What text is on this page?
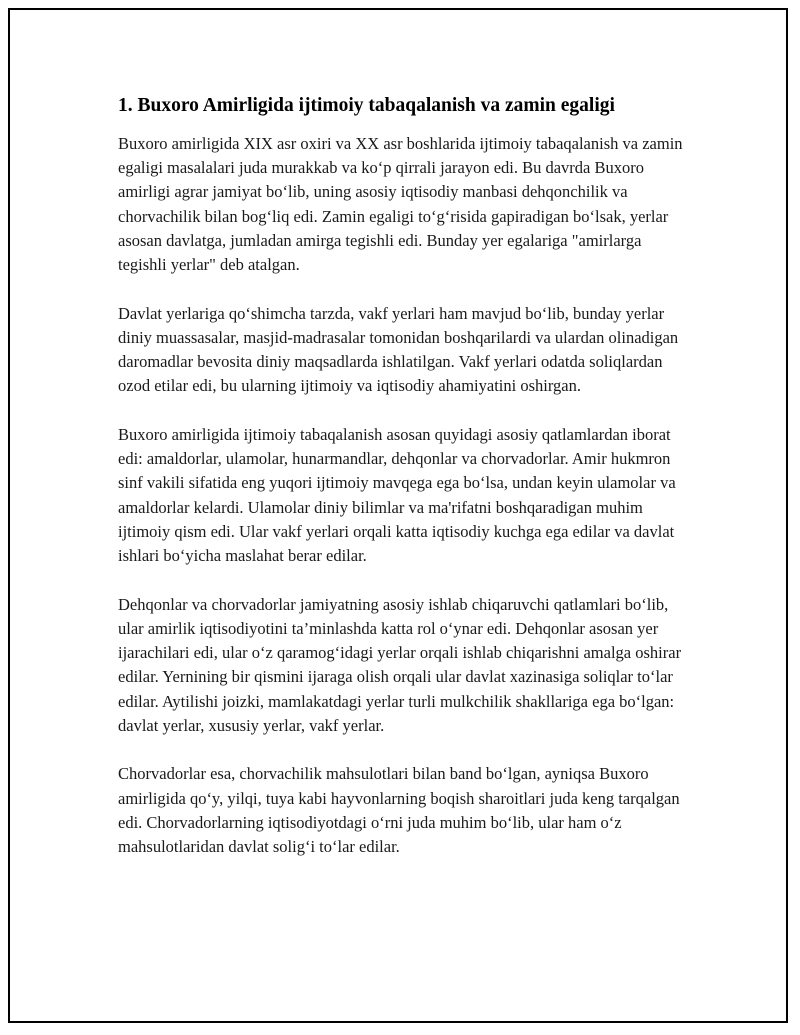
1. Buxoro Amirligida ijtimoiy tabaqalanish va zamin egaligi

Buxoro amirligida XIX asr oxiri va XX asr boshlarida ijtimoiy tabaqalanish va zamin egaligi masalalari juda murakkab va ko‘p qirrali jarayon edi. Bu davrda Buxoro amirligi agrar jamiyat bo‘lib, uning asosiy iqtisodiy manbasi dehqonchilik va chorvachilik bilan bog‘liq edi. Zamin egaligi to‘g‘risida gapiradigan bo‘lsak, yerlar asosan davlatga, jumladan amirga tegishli edi. Bunday yer egalariga "amirlarga tegishli yerlar" deb atalgan.

Davlat yerlariga qo‘shimcha tarzda, vakf yerlari ham mavjud bo‘lib, bunday yerlar diniy muassasalar, masjid-madrasalar tomonidan boshqarilardi va ulardan olinadigan daromadlar bevosita diniy maqsadlarda ishlatilgan. Vakf yerlari odatda soliqlardan ozod etilar edi, bu ularning ijtimoiy va iqtisodiy ahamiyatini oshirgan.

Buxoro amirligida ijtimoiy tabaqalanish asosan quyidagi asosiy qatlamlardan iborat edi: amaldorlar, ulamolar, hunarmandlar, dehqonlar va chorvadorlar. Amir hukmron sinf vakili sifatida eng yuqori ijtimoiy mavqega ega bo‘lsa, undan keyin ulamolar va amaldorlar kelardi. Ulamolar diniy bilimlar va ma'rifatni boshqaradigan muhim ijtimoiy qism edi. Ular vakf yerlari orqali katta iqtisodiy kuchga ega edilar va davlat ishlari bo‘yicha maslahat berar edilar.

Dehqonlar va chorvadorlar jamiyatning asosiy ishlab chiqaruvchi qatlamlari bo‘lib, ular amirlik iqtisodiyotini ta’minlashda katta rol o‘ynar edi. Dehqonlar asosan yer ijarachilari edi, ular o‘z qaramog‘idagi yerlar orqali ishlab chiqarishni amalga oshirar edilar. Yernining bir qismini ijaraga olish orqali ular davlat xazinasiga soliqlar to‘lar edilar. Aytilishi joizki, mamlakatdagi yerlar turli mulkchilik shakllariga ega bo‘lgan: davlat yerlar, xususiy yerlar, vakf yerlar.

Chorvadorlar esa, chorvachilik mahsulotlari bilan band bo‘lgan, ayniqsa Buxoro amirligida qo‘y, yilqi, tuya kabi hayvonlarning boqish sharoitlari juda keng tarqalgan edi. Chorvadorlarning iqtisodiyotdagi o‘rni juda muhim bo‘lib, ular ham o‘z mahsulotlaridan davlat solig‘i to‘lar edilar.
